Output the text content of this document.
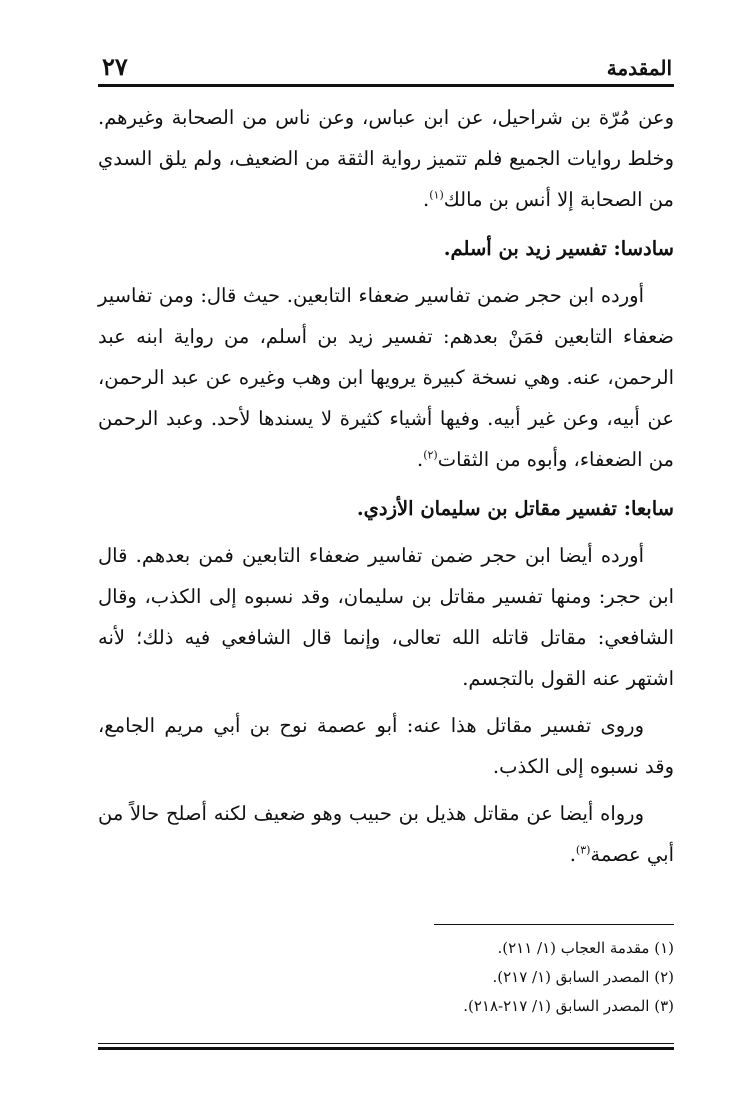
المقدمة
٢٧

وعن مُرّة بن شراحيل، عن ابن عباس، وعن ناس من الصحابة وغيرهم. وخلط روايات الجميع فلم تتميز رواية الثقة من الضعيف، ولم يلق السدي من الصحابة إلا أنس بن مالك$^{(١)}$.

سادسا: تفسير زيد بن أسلم.

أورده ابن حجر ضمن تفاسير ضعفاء التابعين. حيث قال: ومن تفاسير ضعفاء التابعين فمَنْ بعدهم: تفسير زيد بن أسلم، من رواية ابنه عبد الرحمن، عنه. وهي نسخة كبيرة يرويها ابن وهب وغيره عن عبد الرحمن، عن أبيه، وعن غير أبيه. وفيها أشياء كثيرة لا يسندها لأحد. وعبد الرحمن من الضعفاء، وأبوه من الثقات$^{(٢)}$.

سابعا: تفسير مقاتل بن سليمان الأزدي.

أورده أيضا ابن حجر ضمن تفاسير ضعفاء التابعين فمن بعدهم. قال ابن حجر: ومنها تفسير مقاتل بن سليمان، وقد نسبوه إلى الكذب، وقال الشافعي: مقاتل قاتله الله تعالى، وإنما قال الشافعي فيه ذلك؛ لأنه اشتهر عنه القول بالتجسم.

وروى تفسير مقاتل هذا عنه: أبو عصمة نوح بن أبي مريم الجامع، وقد نسبوه إلى الكذب.

ورواه أيضا عن مقاتل هذيل بن حبيب وهو ضعيف لكنه أصلح حالاً من أبي عصمة$^{(٣)}$.

(١) مقدمة العجاب (١/ ٢١١).
(٢) المصدر السابق (١/ ٢١٧).
(٣) المصدر السابق (١/ ٢١٧-٢١٨).
